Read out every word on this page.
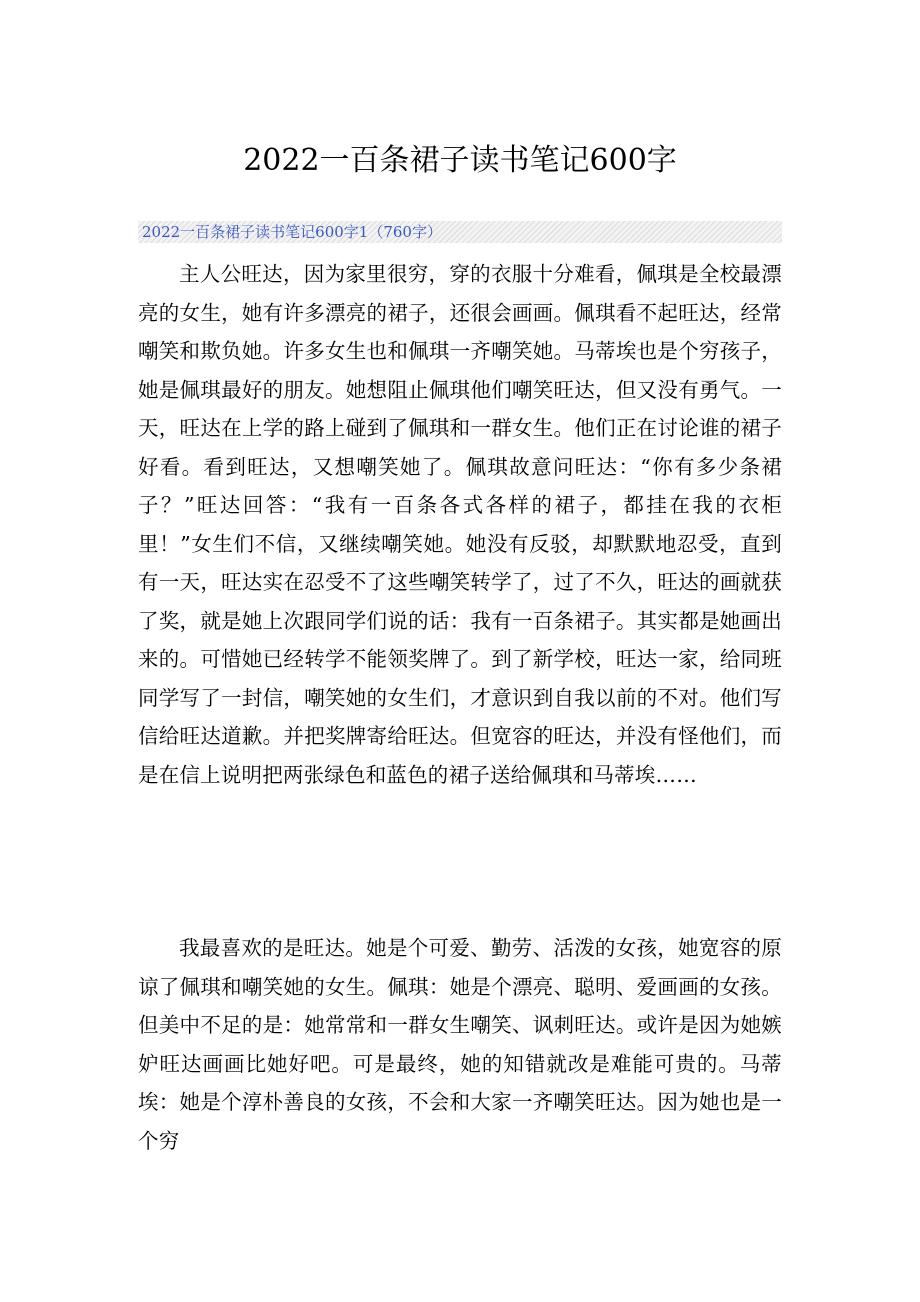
2022一百条裙子读书笔记600字
2022一百条裙子读书笔记600字1（760字）

主人公旺达，因为家里很穷，穿的衣服十分难看，佩琪是全校最漂亮的女生，她有许多漂亮的裙子，还很会画画。佩琪看不起旺达，经常嘲笑和欺负她。许多女生也和佩琪一齐嘲笑她。马蒂埃也是个穷孩子，她是佩琪最好的朋友。她想阻止佩琪他们嘲笑旺达，但又没有勇气。一天，旺达在上学的路上碰到了佩琪和一群女生。他们正在讨论谁的裙子好看。看到旺达，又想嘲笑她了。佩琪故意问旺达：“你有多少条裙子？”旺达回答：“我有一百条各式各样的裙子，都挂在我的衣柜里！”女生们不信，又继续嘲笑她。她没有反驳，却默默地忍受，直到有一天，旺达实在忍受不了这些嘲笑转学了，过了不久，旺达的画就获了奖，就是她上次跟同学们说的话：我有一百条裙子。其实都是她画出来的。可惜她已经转学不能领奖牌了。到了新学校，旺达一家，给同班同学写了一封信，嘲笑她的女生们，才意识到自我以前的不对。他们写信给旺达道歉。并把奖牌寄给旺达。但宽容的旺达，并没有怪他们，而是在信上说明把两张绿色和蓝色的裙子送给佩琪和马蒂埃……

我最喜欢的是旺达。她是个可爱、勤劳、活泼的女孩，她宽容的原谅了佩琪和嘲笑她的女生。佩琪：她是个漂亮、聪明、爱画画的女孩。但美中不足的是：她常常和一群女生嘲笑、讽刺旺达。或许是因为她嫉妒旺达画画比她好吧。可是最终，她的知错就改是难能可贵的。马蒂埃：她是个淳朴善良的女孩，不会和大家一齐嘲笑旺达。因为她也是一个穷
